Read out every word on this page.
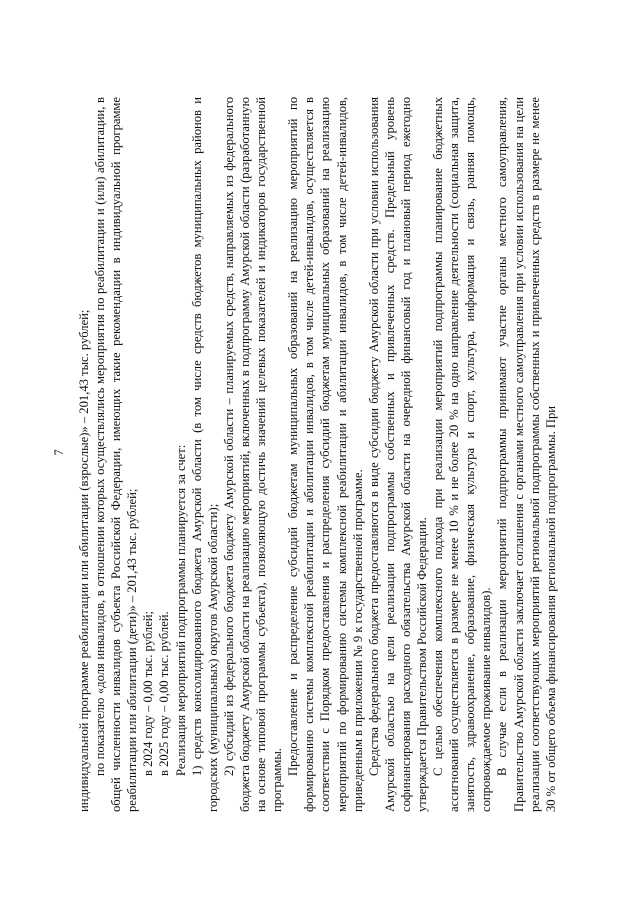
7 индивидуальной программе реабилитации или абилитации (взрослые)» – 201,43 тыс. рублей; по показателю «доля инвалидов, в отношении которых осуществлялись мероприятия по реабилитации и (или) абилитации, в общей численности инвалидов субъекта Российской Федерации, имеющих такие рекомендации в индивидуальной программе реабилитации или абилитации (дети)» – 201,43 тыс. рублей; в 2024 году – 0,00 тыс. рублей; в 2025 году – 0,00 тыс. рублей. Реализация мероприятий подпрограммы планируется за счет: 1) средств консолидированного бюджета Амурской области (в том числе средств бюджетов муниципальных районов и городских (муниципальных) округов Амурской области); 2) субсидий из федерального бюджета бюджету Амурской области – планируемых средств, направляемых из федерального бюджета бюджету Амурской области на реализацию мероприятий, включенных в подпрограмму Амурской области (разработанную на основе типовой программы субъекта), позволяющую достичь значений целевых показателей и индикаторов государственной программы.

Предоставление и распределение субсидий бюджетам муниципальных образований на реализацию мероприятий по формированию системы комплексной реабилитации и абилитации инвалидов, в том числе детей-инвалидов, осуществляется в соответствии с Порядком предоставления и распределения субсидий бюджетам муниципальных образований на реализацию мероприятий по формированию системы комплексной реабилитации и абилитации инвалидов, в том числе детей-инвалидов, приведенным в приложении № 9 к государственной программе. Средства федерального бюджета предоставляются в виде субсидии бюджету Амурской области при условии использования Амурской областью на цели реализации подпрограммы собственных и привлеченных средств. Предельный уровень софинансирования расходного обязательства Амурской области на очередной финансовый год и плановый период ежегодно утверждается Правительством Российской Федерации. С целью обеспечения комплексного подхода при реализации мероприятий подпрограммы планирование бюджетных ассигнований осуществляется в размере не менее 10 % и не более 20 % на одно направление деятельности (социальная защита, занятость, здравоохранение, образование, физическая культура и спорт, культура, информация и связь, ранняя помощь, сопровождаемое проживание инвалидов). В случае если в реализации мероприятий подпрограммы принимают участие органы местного самоуправления, Правительство Амурской области заключает соглашения с органами местного самоуправления при условии использования на цели реализации соответствующих мероприятий региональной подпрограммы собственных и привлеченных средств в размере не менее 30 % от общего объема финансирования региональной подпрограммы. При
